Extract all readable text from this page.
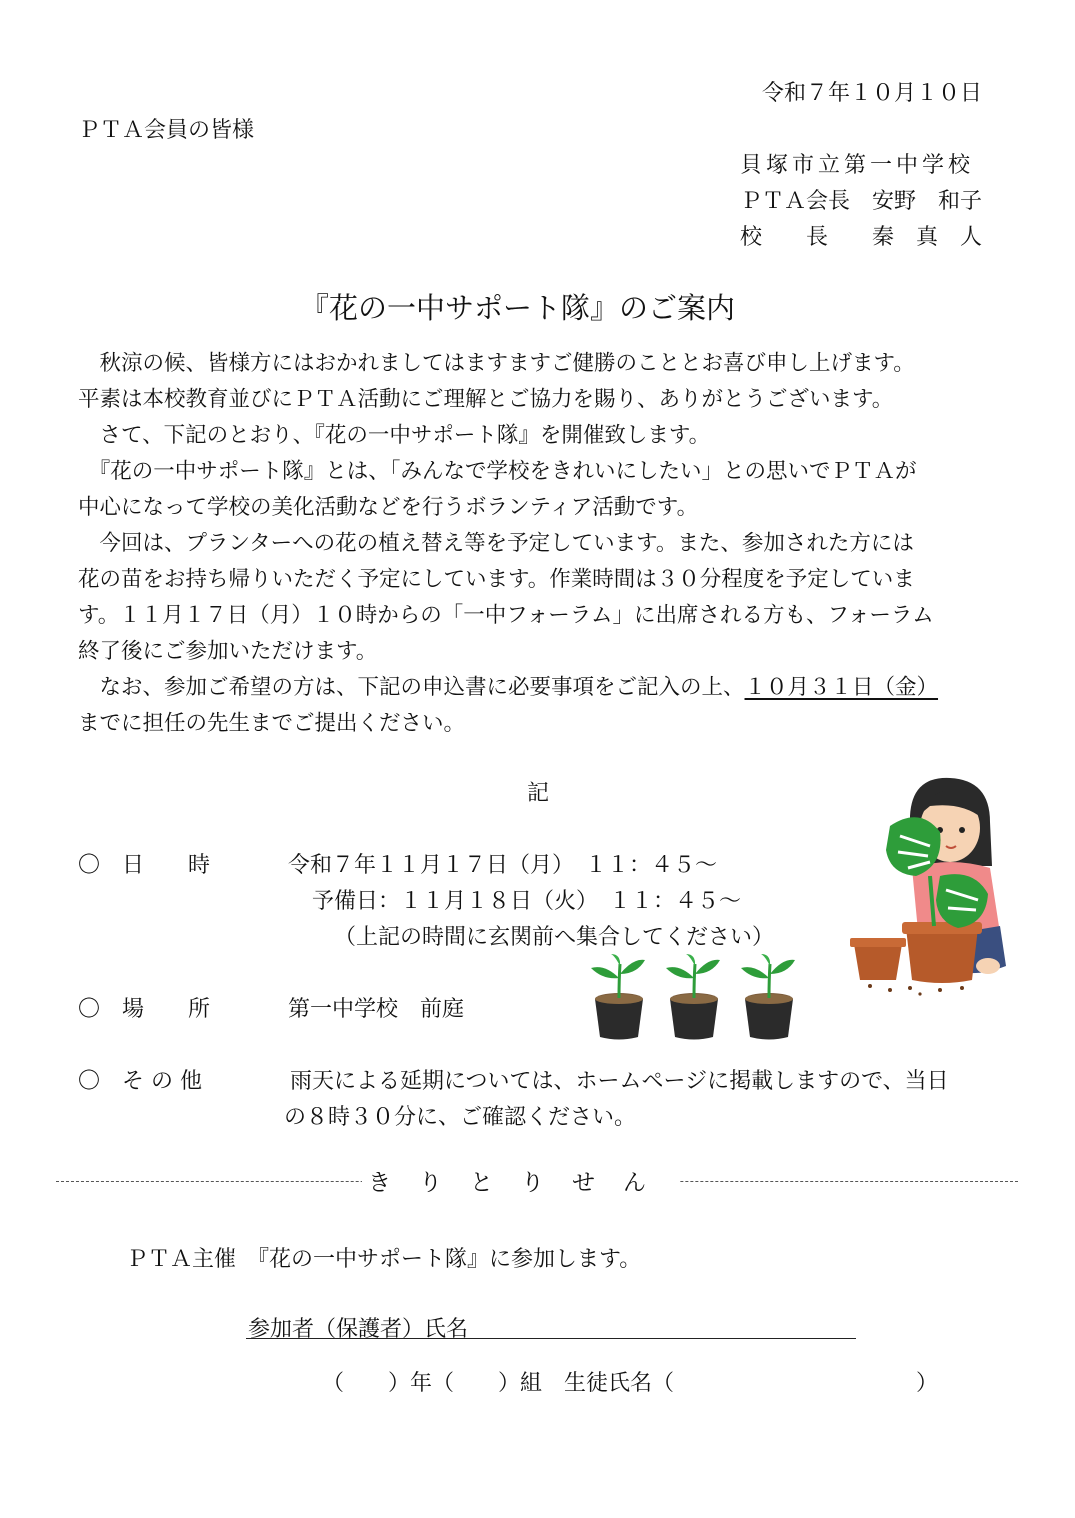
令和７年１０月１０日
ＰＴＡ会員の皆様
貝塚市立第一中学校
ＰＴＡ会長　安野　和子
校　　長　　秦　真　人
『花の一中サポート隊』のご案内
　秋涼の候、皆様方にはおかれましてはますますご健勝のこととお喜び申し上げます。
平素は本校教育並びにＰＴＡ活動にご理解とご協力を賜り、ありがとうございます。
　さて、下記のとおり、『花の一中サポート隊』を開催致します。
　『花の一中サポート隊』とは、「みんなで学校をきれいにしたい」との思いでＰＴＡが
中心になって学校の美化活動などを行うボランティア活動です。
　今回は、プランターへの花の植え替え等を予定しています。また、参加された方には
花の苗をお持ち帰りいただく予定にしています。作業時間は３０分程度を予定していま
す。１１月１７日（月）１０時からの「一中フォーラム」に出席される方も、フォーラム
終了後にご参加いただけます。
　なお、参加ご希望の方は、下記の申込書に必要事項をご記入の上、１０月３１日（金）
までに担任の先生までご提出ください。
記
〇　日　　時	令和７年１１月１７日（月）　１１：４５～
予備日：１１月１８日（火）　１１：４５～
（上記の時間に玄関前へ集合してください）
〇　場　　所	第一中学校　前庭
〇　そ の 他	雨天による延期については、ホームページに掲載しますので、当日
の８時３０分に、ご確認ください。
きりとりせん
ＰＴＡ主催　『花の一中サポート隊』に参加します。
参加者（保護者）氏名
（　　）年（　　）組　生徒氏名（　　　　　　　　　　　）
